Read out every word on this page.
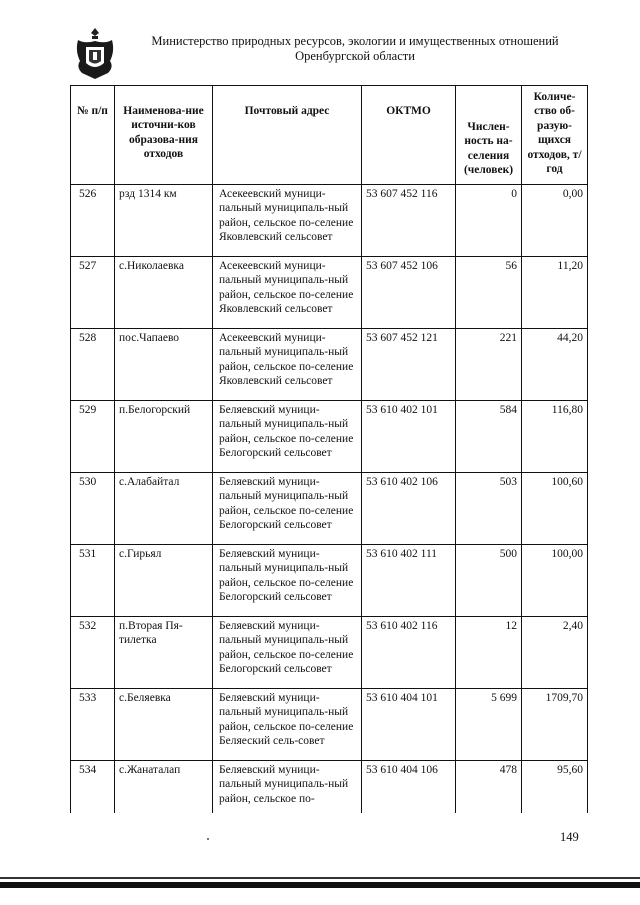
Министерство природных ресурсов, экологии и имущественных отношений
Оренбургской области
№ п/п	Наименова-ние источни-ков образова-ния отходов	Почтовый адрес	ОКТМО	Числен-ность на-селения (человек)	Количе-ство об-разую-щихся отходов, т/год
526	рзд 1314 км	Асекеевский муници-пальный муниципаль-ный район, сельское по-селение Яковлевский сельсовет	53 607 452 116	0	0,00
527	с.Николаевка	Асекеевский муници-пальный муниципаль-ный район, сельское по-селение Яковлевский сельсовет	53 607 452 106	56	11,20
528	пос.Чапаево	Асекеевский муници-пальный муниципаль-ный район, сельское по-селение Яковлевский сельсовет	53 607 452 121	221	44,20
529	п.Белогорский	Беляевский муници-пальный муниципаль-ный район, сельское по-селение Белогорский сельсовет	53 610 402 101	584	116,80
530	с.Алабайтал	Беляевский муници-пальный муниципаль-ный район, сельское по-селение Белогорский сельсовет	53 610 402 106	503	100,60
531	с.Гирьял	Беляевский муници-пальный муниципаль-ный район, сельское по-селение Белогорский сельсовет	53 610 402 111	500	100,00
532	п.Вторая Пя-тилетка	Беляевский муници-пальный муниципаль-ный район, сельское по-селение Белогорский сельсовет	53 610 402 116	12	2,40
533	с.Беляевка	Беляевский муници-пальный муниципаль-ный район, сельское по-селение Беляеский сель-совет	53 610 404 101	5 699	1709,70
534	с.Жанаталап	Беляевский муници-пальный муниципаль-ный район, сельское по-	53 610 404 106	478	95,60
149
